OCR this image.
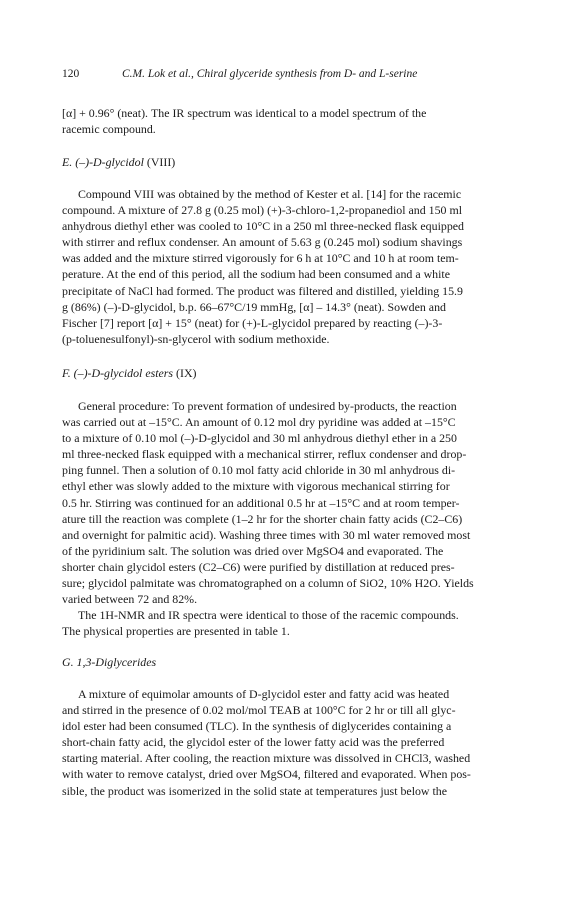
120	C.M. Lok et al., Chiral glyceride synthesis from D- and L-serine
[α] + 0.96° (neat). The IR spectrum was identical to a model spectrum of the
racemic compound.
E. (–)-D-glycidol (VIII)
Compound VIII was obtained by the method of Kester et al. [14] for the racemic
compound. A mixture of 27.8 g (0.25 mol) (+)-3-chloro-1,2-propanediol and 150 ml
anhydrous diethyl ether was cooled to 10°C in a 250 ml three-necked flask equipped
with stirrer and reflux condenser. An amount of 5.63 g (0.245 mol) sodium shavings
was added and the mixture stirred vigorously for 6 h at 10°C and 10 h at room tem-
perature. At the end of this period, all the sodium had been consumed and a white
precipitate of NaCl had formed. The product was filtered and distilled, yielding 15.9
g (86%) (–)-D-glycidol, b.p. 66–67°C/19 mmHg, [α] – 14.3° (neat). Sowden and
Fischer [7] report [α] + 15° (neat) for (+)-L-glycidol prepared by reacting (–)-3-
(p-toluenesulfonyl)-sn-glycerol with sodium methoxide.
F. (–)-D-glycidol esters (IX)
General procedure: To prevent formation of undesired by-products, the reaction
was carried out at –15°C. An amount of 0.12 mol dry pyridine was added at –15°C
to a mixture of 0.10 mol (–)-D-glycidol and 30 ml anhydrous diethyl ether in a 250
ml three-necked flask equipped with a mechanical stirrer, reflux condenser and drop-
ping funnel. Then a solution of 0.10 mol fatty acid chloride in 30 ml anhydrous di-
ethyl ether was slowly added to the mixture with vigorous mechanical stirring for
0.5 hr. Stirring was continued for an additional 0.5 hr at –15°C and at room temper-
ature till the reaction was complete (1–2 hr for the shorter chain fatty acids (C2–C6)
and overnight for palmitic acid). Washing three times with 30 ml water removed most
of the pyridinium salt. The solution was dried over MgSO4 and evaporated. The
shorter chain glycidol esters (C2–C6) were purified by distillation at reduced pres-
sure; glycidol palmitate was chromatographed on a column of SiO2, 10% H2O. Yields
varied between 72 and 82%.
The 1H-NMR and IR spectra were identical to those of the racemic compounds.
The physical properties are presented in table 1.
G. 1,3-Diglycerides
A mixture of equimolar amounts of D-glycidol ester and fatty acid was heated
and stirred in the presence of 0.02 mol/mol TEAB at 100°C for 2 hr or till all glyc-
idol ester had been consumed (TLC). In the synthesis of diglycerides containing a
short-chain fatty acid, the glycidol ester of the lower fatty acid was the preferred
starting material. After cooling, the reaction mixture was dissolved in CHCl3, washed
with water to remove catalyst, dried over MgSO4, filtered and evaporated. When pos-
sible, the product was isomerized in the solid state at temperatures just below the
